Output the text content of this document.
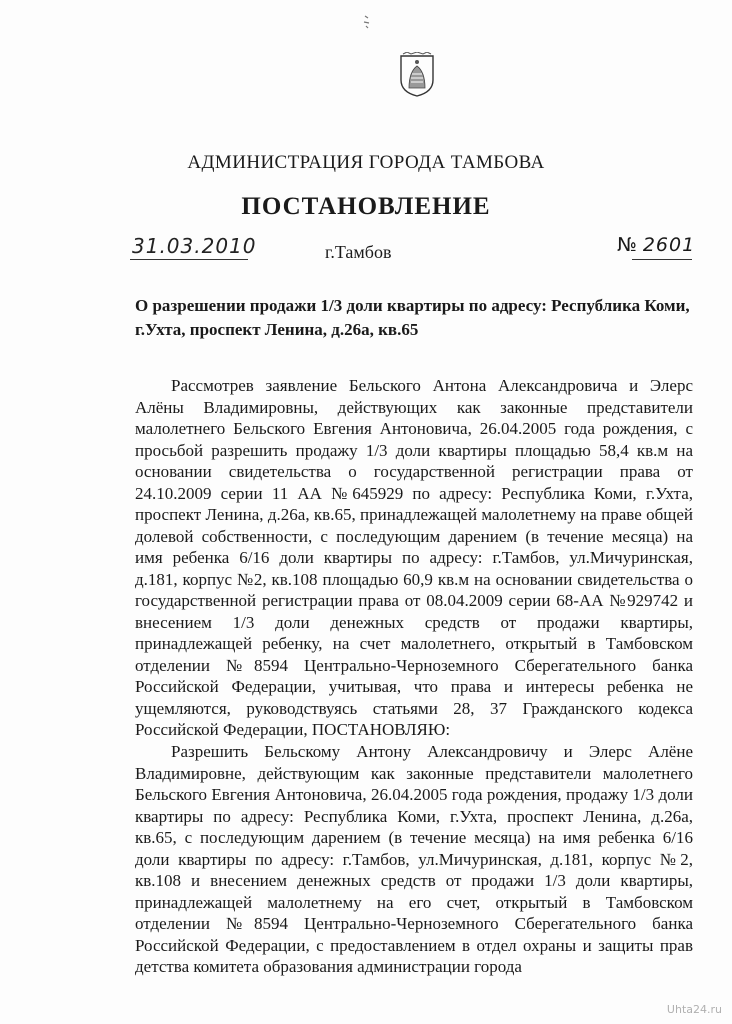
АДМИНИСТРАЦИЯ ГОРОДА ТАМБОВА
ПОСТАНОВЛЕНИЕ
31.03.2010	г.Тамбов	№ 2601
О разрешении продажи 1/3 доли квартиры по адресу: Республика Коми, г.Ухта, проспект Ленина, д.26а, кв.65
Рассмотрев заявление Бельского Антона Александровича и Элерс Алёны Владимировны, действующих как законные представители малолетнего Бельского Евгения Антоновича, 26.04.2005 года рождения, с просьбой разрешить продажу 1/3 доли квартиры площадью 58,4 кв.м на основании свидетельства о государственной регистрации права от 24.10.2009 серии 11 АА №645929 по адресу: Республика Коми, г.Ухта, проспект Ленина, д.26а, кв.65, принадлежащей малолетнему на праве общей долевой собственности, с последующим дарением (в течение месяца) на имя ребенка 6/16 доли квартиры по адресу: г.Тамбов, ул.Мичуринская, д.181, корпус №2, кв.108 площадью 60,9 кв.м на основании свидетельства о государственной регистрации права от 08.04.2009 серии 68-АА №929742 и внесением 1/3 доли денежных средств от продажи квартиры, принадлежащей ребенку, на счет малолетнего, открытый в Тамбовском отделении №8594 Центрально-Черноземного Сберегательного банка Российской Федерации, учитывая, что права и интересы ребенка не ущемляются, руководствуясь статьями 28, 37 Гражданского кодекса Российской Федерации, ПОСТАНОВЛЯЮ:
Разрешить Бельскому Антону Александровичу и Элерс Алёне Владимировне, действующим как законные представители малолетнего Бельского Евгения Антоновича, 26.04.2005 года рождения, продажу 1/3 доли квартиры по адресу: Республика Коми, г.Ухта, проспект Ленина, д.26а, кв.65, с последующим дарением (в течение месяца) на имя ребенка 6/16 доли квартиры по адресу: г.Тамбов, ул.Мичуринская, д.181, корпус №2, кв.108 и внесением денежных средств от продажи 1/3 доли квартиры, принадлежащей малолетнему на его счет, открытый в Тамбовском отделении №8594 Центрально-Черноземного Сберегательного банка Российской Федерации, с предоставлением в отдел охраны и защиты прав детства комитета образования администрации города
Uhta24.ru
